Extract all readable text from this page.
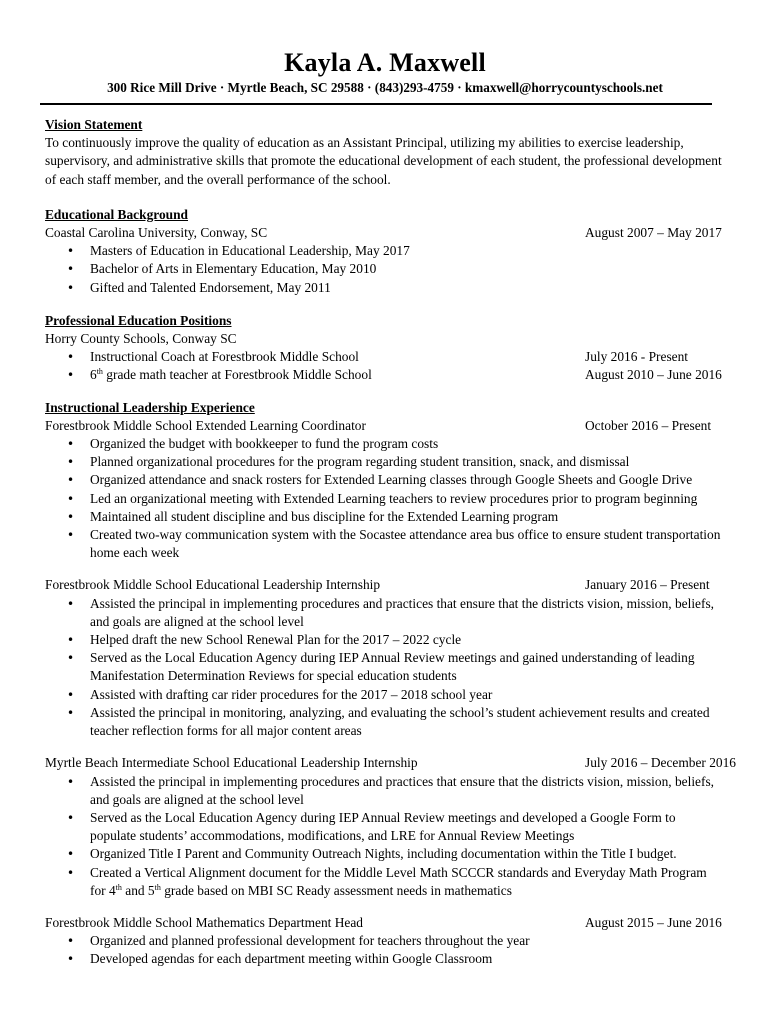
Kayla A. Maxwell
300 Rice Mill Drive · Myrtle Beach, SC 29588 · (843)293-4759 · kmaxwell@horrycountyschools.net
Vision Statement

To continuously improve the quality of education as an Assistant Principal, utilizing my abilities to exercise leadership, supervisory, and administrative skills that promote the educational development of each student, the professional development of each staff member, and the overall performance of the school.

Educational Background
Coastal Carolina University, Conway, SC	August 2007 – May 2017
• Masters of Education in Educational Leadership, May 2017
• Bachelor of Arts in Elementary Education, May 2010
• Gifted and Talented Endorsement, May 2011
Professional Education Positions
Horry County Schools, Conway SC
• Instructional Coach at Forestbrook Middle School	July 2016 - Present
• 6th grade math teacher at Forestbrook Middle School	August 2010 – June 2016
Instructional Leadership Experience
Forestbrook Middle School Extended Learning Coordinator	October 2016 – Present
• Organized the budget with bookkeeper to fund the program costs
• Planned organizational procedures for the program regarding student transition, snack, and dismissal
• Organized attendance and snack rosters for Extended Learning classes through Google Sheets and Google Drive
• Led an organizational meeting with Extended Learning teachers to review procedures prior to program beginning
• Maintained all student discipline and bus discipline for the Extended Learning program
• Created two-way communication system with the Socastee attendance area bus office to ensure student transportation home each week
Forestbrook Middle School Educational Leadership Internship	January 2016 – Present
• Assisted the principal in implementing procedures and practices that ensure that the districts vision, mission, beliefs, and goals are aligned at the school level
• Helped draft the new School Renewal Plan for the 2017 – 2022 cycle
• Served as the Local Education Agency during IEP Annual Review meetings and gained understanding of leading Manifestation Determination Reviews for special education students
• Assisted with drafting car rider procedures for the 2017 – 2018 school year
• Assisted the principal in monitoring, analyzing, and evaluating the school’s student achievement results and created teacher reflection forms for all major content areas
Myrtle Beach Intermediate School Educational Leadership Internship	July 2016 – December 2016
• Assisted the principal in implementing procedures and practices that ensure that the districts vision, mission, beliefs, and goals are aligned at the school level
• Served as the Local Education Agency during IEP Annual Review meetings and developed a Google Form to populate students’ accommodations, modifications, and LRE for Annual Review Meetings
• Organized Title I Parent and Community Outreach Nights, including documentation within the Title I budget.
• Created a Vertical Alignment document for the Middle Level Math SCCCR standards and Everyday Math Program for 4th and 5th grade based on MBI SC Ready assessment needs in mathematics
Forestbrook Middle School Mathematics Department Head	August 2015 – June 2016
• Organized and planned professional development for teachers throughout the year
• Developed agendas for each department meeting within Google Classroom
